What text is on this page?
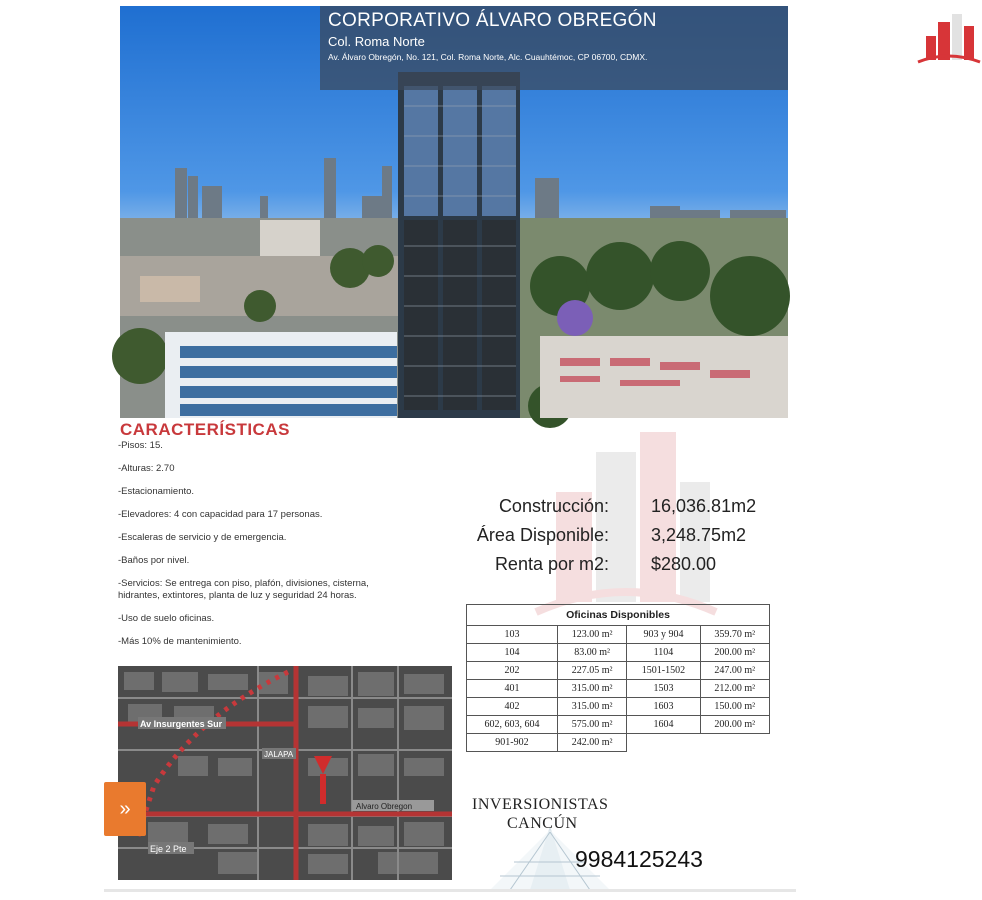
CORPORATIVO ÁLVARO OBREGÓN
Col. Roma Norte
Av. Álvaro Obregón, No. 121, Col. Roma Norte, Alc. Cuauhtémoc, CP 06700, CDMX.
JYSA
GRUPO INMOBILIARIO
CARACTERÍSTICAS
-Pisos: 15.
-Alturas: 2.70
-Estacionamiento.
-Elevadores: 4 con capacidad para 17 personas.
-Escaleras de servicio y de emergencia.
-Baños por nivel.
-Servicios: Se entrega con piso, plafón, divisiones, cisterna, hidrantes, extintores, planta de luz y seguridad 24 horas.
-Uso de suelo oficinas.
-Más 10% de mantenimiento.
Construcción: 16,036.81m2
Área Disponible: 3,248.75m2
Renta por m2: $280.00
Oficinas Disponibles			
103	123.00 m²	903 y 904	359.70 m²
104	83.00 m²	1104	200.00 m²
202	227.05 m²	1501-1502	247.00 m²
401	315.00 m²	1503	212.00 m²
402	315.00 m²	1603	150.00 m²
602, 603, 604	575.00 m²	1604	200.00 m²
901-902	242.00 m²		
Av Insurgentes Sur
JALAPA
Alvaro Obregon
Eje 2 Pte
»	INVERSIONISTAS
CANCÚN
9984125243
